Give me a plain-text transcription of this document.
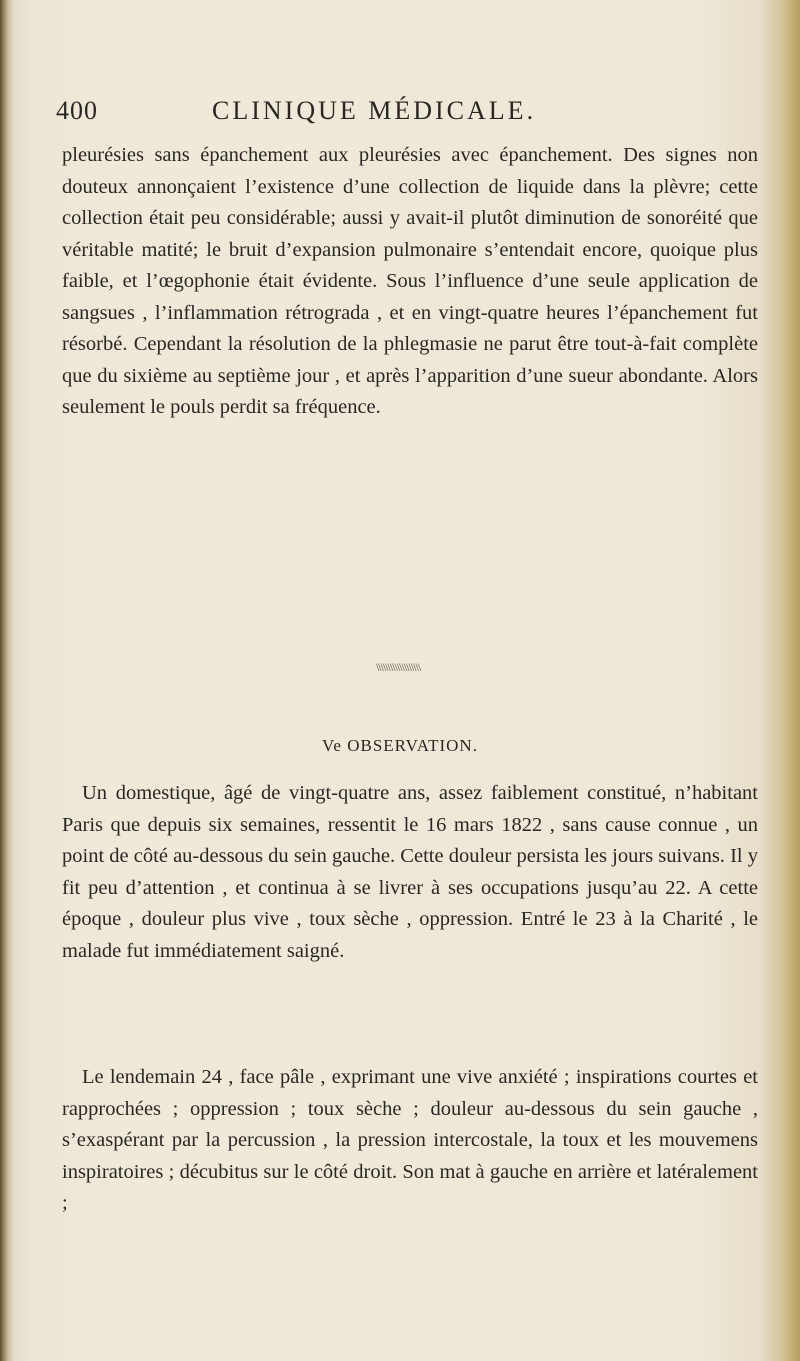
400	CLINIQUE MÉDICALE.

pleurésies sans épanchement aux pleurésies avec épanchement. Des signes non douteux annonçaient l’existence d’une collection de liquide dans la plèvre; cette collection était peu considérable; aussi y avait-il plutôt diminution de sonoréité que véritable matité; le bruit d’expansion pulmonaire s’entendait encore, quoique plus faible, et l’œgophonie était évidente. Sous l’influence d’une seule application de sangsues , l’inflammation rétrograda , et en vingt-quatre heures l’épanchement fut résorbé. Cependant la résolution de la phlegmasie ne parut être tout-à-fait complète que du sixième au septième jour , et après l’apparition d’une sueur abondante. Alors seulement le pouls perdit sa fréquence.

\\\\\\\\\\\\\\\\\\\
Ve OBSERVATION.

Un domestique, âgé de vingt-quatre ans, assez faiblement constitué, n’habitant Paris que depuis six semaines, ressentit le 16 mars 1822 , sans cause connue , un point de côté au-dessous du sein gauche. Cette douleur persista les jours suivans. Il y fit peu d’attention , et continua à se livrer à ses occupations jusqu’au 22. A cette époque , douleur plus vive , toux sèche , oppression. Entré le 23 à la Charité , le malade fut immédiatement saigné.

Le lendemain 24 , face pâle , exprimant une vive anxiété ; inspirations courtes et rapprochées ; oppression ; toux sèche ; douleur au-dessous du sein gauche , s’exaspérant par la percussion , la pression intercostale, la toux et les mouvemens inspiratoires ; décubitus sur le côté droit. Son mat à gauche en arrière et latéralement ;
